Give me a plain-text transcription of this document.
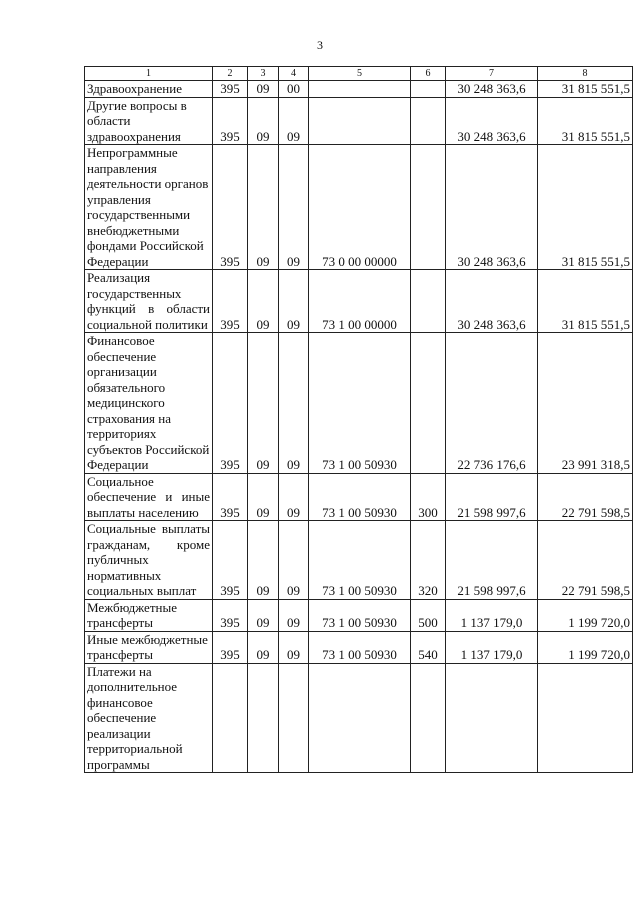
3
1	2	3	4	5	6	7	8
Здравоохранение	395	09	00			30 248 363,6	31 815 551,5
Другие вопросы в области здравоохранения	395	09	09			30 248 363,6	31 815 551,5
Непрограммные направления деятельности органов управления государственными внебюджетными фондами Российской Федерации	395	09	09	73 0 00 00000		30 248 363,6	31 815 551,5
Реализация государственных функций в области социальной политики	395	09	09	73 1 00 00000		30 248 363,6	31 815 551,5
Финансовое обеспечение организации обязательного медицинского страхования на территориях субъектов Российской Федерации	395	09	09	73 1 00 50930		22 736 176,6	23 991 318,5
Социальное обеспечение и иные выплаты населению	395	09	09	73 1 00 50930	300	21 598 997,6	22 791 598,5
Социальные выплаты гражданам, кроме публичных нормативных социальных выплат	395	09	09	73 1 00 50930	320	21 598 997,6	22 791 598,5
Межбюджетные трансферты	395	09	09	73 1 00 50930	500	1 137 179,0	1 199 720,0
Иные межбюджетные трансферты	395	09	09	73 1 00 50930	540	1 137 179,0	1 199 720,0
Платежи на дополнительное финансовое обеспечение реализации территориальной программы							
